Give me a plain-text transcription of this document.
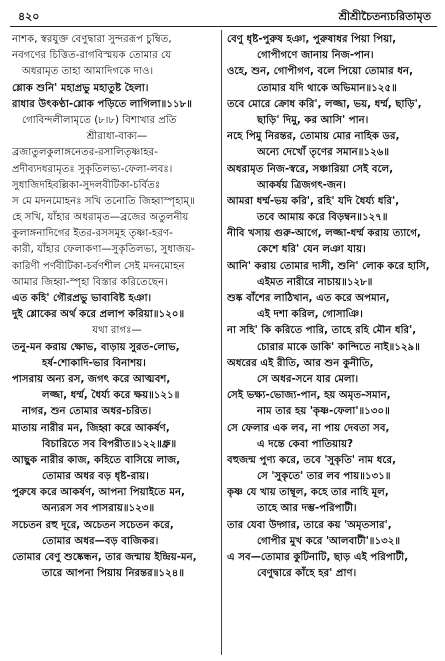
৪২০	শ্রীশ্রীচৈতন্যচরিতামৃত
নাশক, স্বরযুক্ত বেণুদ্বারা সুন্দররূপ চুম্বিত,
নবগণের চিত্তিত-রাগবিস্ময়ক তোমার যে
অধরামৃত তাহা আমাদিগকে দাও।
শ্লোক শুনি' মহাপ্রভু মহাতুষ্ট হৈলা।
রাধার উৎকণ্ঠা-শ্লোক পড়িতে লাগিলা॥১১৮॥
গোবিন্দলীলামৃতে (৮।৮) বিশাখার প্রতি
শ্রীরাধা-বাক্য—
ব্রজাতুলকুলাঙ্গনেতর-রসালিতৃষ্ণাহর-
প্রদীব্যদধরামৃতঃ সুকৃতিলভ্য-ফেলা-লবঃ।
সুধাজিদহিবল্লিকা-সুদলবীটিকা-চর্বিতঃ
স মে মদনমোহনঃ সখি তনোতি জিহ্বাস্পৃহাম্॥
হে সখি, যাঁহার অধরামৃত—ব্রজের অতুলনীয়
কুলাঙ্গনাদিগের ইতর-রসসমূহ তৃষ্ণা-হরণ-
কারী, যাঁহার ফেলাকণা—সুকৃতিলভ্য, সুধাজয়-
কারিণী পর্ণবীটিকা-চর্বণশীল সেই মদনমোহন
আমার জিহ্বা-স্পৃহা বিস্তার করিতেছেন।
এত কহি' গৌরপ্রভু ভাবাবিষ্ট হঞা।
দুই শ্লোকের অর্থ করে প্রলাপ করিয়া॥১২০॥
যথা রাগঃ—
তনু-মন করায় ক্ষোভ, বাড়ায় সুরত-লোভ,
হর্ষ-শোকাদি-ভার বিনাশয়।
পাসরায় অন্য রস, জগৎ করে আত্মবশ,
লজ্জা, ধর্ম্ম, ধৈর্য্য করে ক্ষয়॥১২১॥
নাগর, শুন তোমার অধর-চরিত।
মাতায় নারীর মন, জিহ্বা করে আকর্ষণ,
বিচারিতে সব বিপরীত॥১২২॥ধ্রু॥
আছুক নারীর কাজ, কহিতে বাসিয়ে লাজ,
তোমার অধর বড় ধৃষ্ট-রায়।
পুরুষে করে আকর্ষণ, আপনা পিয়াইতে মন,
অন্যরস সব পাসরায়॥১২৩॥
সচেতন রহু দূরে, অচেতন সচেতন করে,
তোমার অধর—বড় বাজিকর।
তোমার বেণু শুষ্কেন্ধন, তার জন্মায় ইন্দ্রিয়-মন,
তারে আপনা পিয়ায় নিরন্তর॥১২৪॥
বেণু ধৃষ্ট-পুরুষ হঞা, পুরুষাধর পিয়া পিয়া,
গোপীগণে জানায় নিজ-পান।
ওহে, শুন, গোপীগণ, বলে পিয়ো তোমার ধন,
তোমার যদি থাকে অভিমান॥১২৫॥
তবে মোরে ক্রোধ করি', লজ্জা, ভয়, ধর্ম্ম, ছাড়ি',
ছাড়ি' দিমু, কর আসি' পান।
নহে পিমু নিরন্তর, তোমায় মোর নাহিক ডর,
অন্যে দেখোঁ তৃণের সমান॥১২৬॥
অধরামৃত নিজ-স্বরে, সঞ্চারিয়া সেই বলে,
আকর্ষয় ত্রিজগৎ-জন।
আমরা ধর্ম্ম-ভয় করি', রহি' যদি ধৈর্য্য ধরি',
তবে আমায় করে বিড়ম্বন॥১২৭॥
নীবি খসায় গুরু-আগে, লজ্জা-ধর্ম্ম করায় ত্যাগে,
কেশে ধরি' যেন লঞা যায়।
আনি' করায় তোমার দাসী, শুনি' লোক করে হাসি,
এইমত নারীরে নাচায়॥১২৮॥
শুষ্ক বাঁশের লাঠিখান, এত করে অপমান,
এই দশা করিল, গোসাঞি।
না সহি' কি করিতে পারি, তাহে রহি মৌন ধরি',
চোরার মাকে ডাকি' কান্দিতে নাই॥১২৯॥
অধরের এই রীতি, আর শুন কুনীতি,
সে অধর-সনে যার মেলা।
সেই ভক্ষ্য-ভোজ্য-পান, হয় অমৃত-সমান,
নাম তার হয় 'কৃষ্ণ-ফেলা'॥১৩০॥
সে ফেলার এক লব, না পায় দেবতা সব,
এ দন্তে কেবা পাতিয়ায়?
বহুজন্ম পুণ্য করে, তবে 'সুকৃতি' নাম ধরে,
সে 'সুকৃতে' তার লব পায়॥১৩১॥
কৃষ্ণ যে খায় তাম্বূল, কহে তার নাহি মূল,
তাহে আর দম্ভ-পরিপাটী।
তার যেবা উদ্গার, তারে কয় 'অমৃতসার',
গোপীর মুখ করে 'আলবাটী'॥১৩২॥
এ সব—তোমার কুটিনাটি, ছাড় এই পরিপাটী,
বেণুদ্বারে কাঁহে হর' প্রাণ।
